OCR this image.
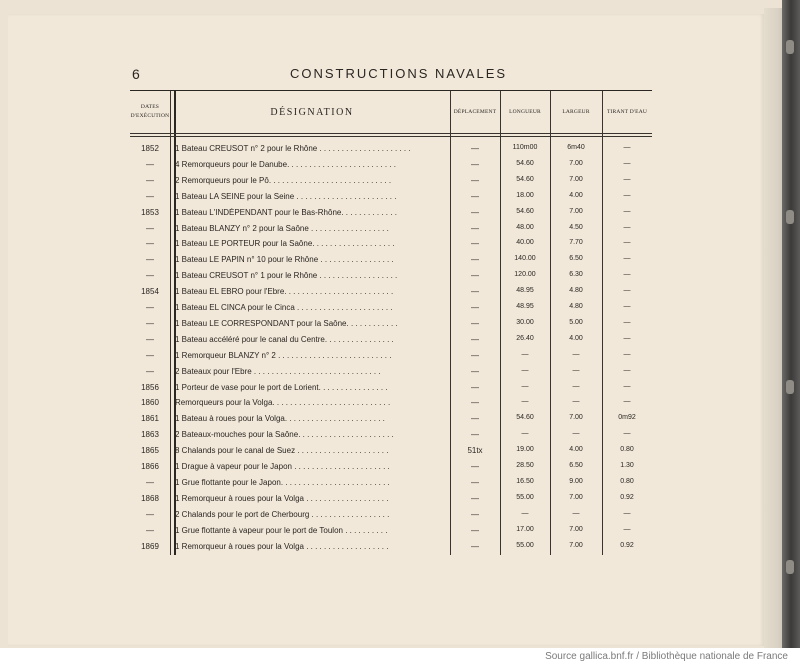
6	CONSTRUCTIONS NAVALES
DATES
D'EXÉCUTION	DÉSIGNATION	DÉPLACEMENT	LONGUEUR	LARGEUR	TIRANT D'EAU
1852	1 Bateau CREUSOT n° 2 pour le Rhône . . . . . . . . . . . . . . . . . . . . .	—	110m00	6m40	—
—	4 Remorqueurs pour le Danube. . . . . . . . . . . . . . . . . . . . . . . . .	—	54.60	7.00	—
—	2 Remorqueurs pour le Pô. . . . . . . . . . . . . . . . . . . . . . . . . . . .	—	54.60	7.00	—
—	1 Bateau LA SEINE pour la Seine . . . . . . . . . . . . . . . . . . . . . . .	—	18.00	4.00	—
1853	1 Bateau L'INDÉPENDANT pour le Bas-Rhône. . . . . . . . . . . . .	—	54.60	7.00	—
—	1 Bateau BLANZY n° 2 pour la Saône . . . . . . . . . . . . . . . . . .	—	48.00	4.50	—
—	1 Bateau LE PORTEUR pour la Saône. . . . . . . . . . . . . . . . . . .	—	40.00	7.70	—
—	1 Bateau LE PAPIN n° 10 pour le Rhône . . . . . . . . . . . . . . . . .	—	140.00	6.50	—
—	1 Bateau CREUSOT n° 1 pour le Rhône . . . . . . . . . . . . . . . . . .	—	120.00	6.30	—
1854	1 Bateau EL EBRO pour l'Ebre. . . . . . . . . . . . . . . . . . . . . . . . .	—	48.95	4.80	—
—	1 Bateau EL CINCA pour le Cinca . . . . . . . . . . . . . . . . . . . . . .	—	48.95	4.80	—
—	1 Bateau LE CORRESPONDANT pour la Saône. . . . . . . . . . . .	—	30.00	5.00	—
—	1 Bateau accéléré pour le canal du Centre. . . . . . . . . . . . . . . .	—	26.40	4.00	—
—	1 Remorqueur BLANZY n° 2 . . . . . . . . . . . . . . . . . . . . . . . . . .	—	—	—	—
—	2 Bateaux pour l'Ebre . . . . . . . . . . . . . . . . . . . . . . . . . . . . .	—	—	—	—
1856	1 Porteur de vase pour le port de Lorient. . . . . . . . . . . . . . . .	—	—	—	—
1860	Remorqueurs pour la Volga. . . . . . . . . . . . . . . . . . . . . . . . . . .	—	—	—	—
1861	1 Bateau à roues pour la Volga. . . . . . . . . . . . . . . . . . . . . . .	—	54.60	7.00	0m92
1863	2 Bateaux-mouches pour la Saône. . . . . . . . . . . . . . . . . . . . . .	—	—	—	—
1865	8 Chalands pour le canal de Suez . . . . . . . . . . . . . . . . . . . . .	51tx	19.00	4.00	0.80
1866	1 Drague à vapeur pour le Japon . . . . . . . . . . . . . . . . . . . . . .	—	28.50	6.50	1.30
—	1 Grue flottante pour le Japon. . . . . . . . . . . . . . . . . . . . . . . . .	—	16.50	9.00	0.80
1868	1 Remorqueur à roues pour la Volga . . . . . . . . . . . . . . . . . . .	—	55.00	7.00	0.92
—	2 Chalands pour le port de Cherbourg . . . . . . . . . . . . . . . . . .	—	—	—	—
—	1 Grue flottante à vapeur pour le port de Toulon . . . . . . . . . .	—	17.00	7.00	—
1869	1 Remorqueur à roues pour la Volga . . . . . . . . . . . . . . . . . . .	—	55.00	7.00	0.92
Source gallica.bnf.fr / Bibliothèque nationale de France
